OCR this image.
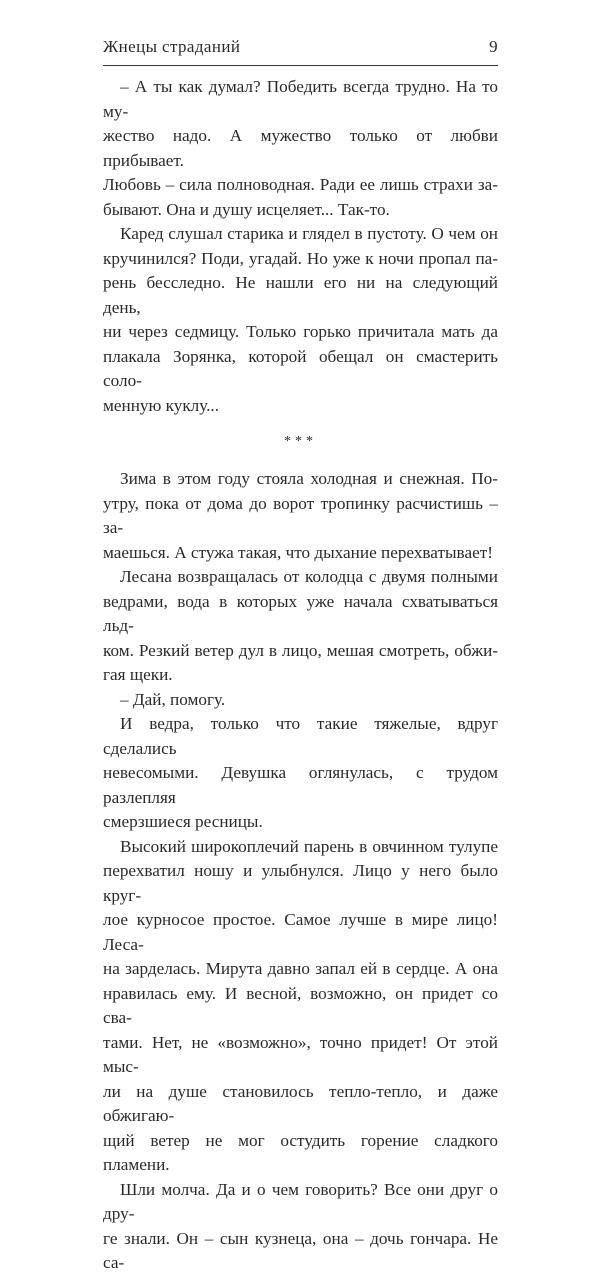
Жнецы страданий	9

– А ты как думал? Победить всегда трудно. На то му-
жество надо. А мужество только от любви прибывает.
Любовь – сила полноводная. Ради ее лишь страхи за-
бывают. Она и душу исцеляет... Так-то.

Каред слушал старика и глядел в пустоту. О чем он
кручинился? Поди, угадай. Но уже к ночи пропал па-
рень бесследно. Не нашли его ни на следующий день,
ни через седмицу. Только горько причитала мать да
плакала Зорянка, которой обещал он смастерить соло-
менную куклу...

***

Зима в этом году стояла холодная и снежная. По-
утру, пока от дома до ворот тропинку расчистишь – за-
маешься. А стужа такая, что дыхание перехватывает!

Лесана возвращалась от колодца с двумя полными
ведрами, вода в которых уже начала схватываться льд-
ком. Резкий ветер дул в лицо, мешая смотреть, обжи-
гая щеки.

– Дай, помогу.

И ведра, только что такие тяжелые, вдруг сделались
невесомыми. Девушка оглянулась, с трудом разлепляя
смерзшиеся ресницы.

Высокий широкоплечий парень в овчинном тулупе
перехватил ношу и улыбнулся. Лицо у него было круг-
лое курносое простое. Самое лучше в мире лицо! Леса-
на зарделась. Мирута давно запал ей в сердце. А она
нравилась ему. И весной, возможно, он придет со сва-
тами. Нет, не «возможно», точно придет! От этой мыс-
ли на душе становилось тепло-тепло, и даже обжигаю-
щий ветер не мог остудить горение сладкого пламени.

Шли молча. Да и о чем говорить? Все они друг о дру-
ге знали. Он – сын кузнеца, она – дочь гончара. Не са-
